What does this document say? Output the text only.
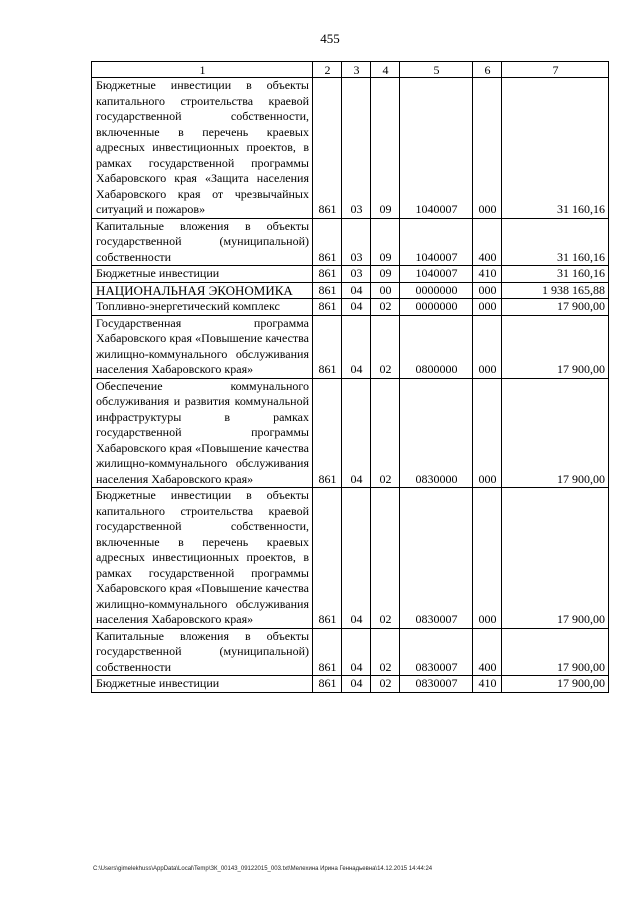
455
1	2	3	4	5	6	7
Бюджетные инвестиции в объекты капитального строительства краевой государственной собственности, включенные в перечень краевых адресных инвестиционных проектов, в рамках государственной программы Хабаровского края «Защита населения Хабаровского края от чрезвычайных ситуаций и пожаров»	861	03	09	1040007	000	31 160,16
Капитальные вложения в объекты государственной (муниципальной) собственности	861	03	09	1040007	400	31 160,16
Бюджетные инвестиции	861	03	09	1040007	410	31 160,16
НАЦИОНАЛЬНАЯ ЭКОНОМИКА	861	04	00	0000000	000	1 938 165,88
Топливно-энергетический комплекс	861	04	02	0000000	000	17 900,00
Государственная программа Хабаровского края «Повышение качества жилищно-коммунального обслуживания населения Хабаровского края»	861	04	02	0800000	000	17 900,00
Обеспечение коммунального обслуживания и развития коммунальной инфраструктуры в рамках государственной программы Хабаровского края «Повышение качества жилищно-коммунального обслуживания населения Хабаровского края»	861	04	02	0830000	000	17 900,00
Бюджетные инвестиции в объекты капитального строительства краевой государственной собственности, включенные в перечень краевых адресных инвестиционных проектов, в рамках государственной программы Хабаровского края «Повышение качества жилищно-коммунального обслуживания населения Хабаровского края»	861	04	02	0830007	000	17 900,00
Капитальные вложения в объекты государственной (муниципальной) собственности	861	04	02	0830007	400	17 900,00
Бюджетные инвестиции	861	04	02	0830007	410	17 900,00
C:\Users\gimelekhuss\AppData\Local\Temp\ЗК_00143_09122015_003.txt\Мелехина Ирина Геннадьевна\14.12.2015 14:44:24
